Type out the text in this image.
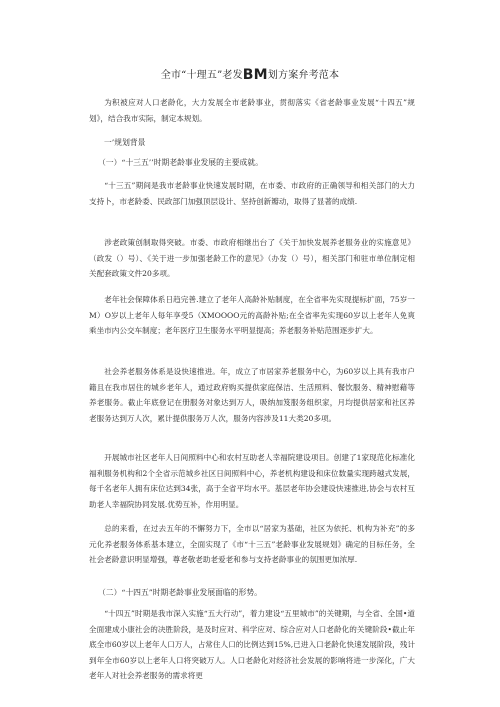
全市“十理五”老发BM划方案弁考范本

为积被应对人口老龄化，大力发展全市老龄事业，贯彻落实《省老龄事业发展“十四五”规划》，结合我市实际，制定本规划。

一’规划背景

（一）“十三五’’时期老龄事业发展的主要成就。

“十三五”期间是我市老龄事业快速发展时期，在市委、市政府的正确领导和相关部门的大力支持卜，市老龄委、民政部门加强顶层设计、坚持创新瓣动，取得了显著的成绩.

涉老政策创制取得突破。市委、市政府相继出台了《关于加快发展养老服务业的实施意见》（政发（）号）、《关于进一步加强老龄工作的意见》（办发（）号），相关部门和驻市单位制定相关配套政策文件20多项。

老年社会保障体系日趋完善.建立了老年人高龄补贴制度，在全省率先实现提标扩面，75岁一M）O岁以上老年人每年享受5（XMOOOO元的高龄补贴;在全省率先实现60岁以上老年人免爽乘坐市内公交车制度；老年医疗卫生服务水平明显提高；养老服务补贴范围逐步扩大。

社会养老服务体系是设快速推进。年，成立了市居家养老服务中心，为60岁以上具有我市户籍且在我市居住的城乡老年人，通过政府购买提供家庭保洁、生活照料、餐饮服务、精神慰藉等养老服务。截止年底登记在册服务对象达到万人，吸纳加笈服务组织家，月均提供居家和社区养老服务达到万人次，累计提供服务万人次，服务内容涉及11大类20多项。

开展城市社区老年人日间照料中心和农村互助老人幸福院建设项目。创建了1家现范化标准化福利服务机构和2个全省示范城乡社区日间照料中心，养老机构建设和床位数量实现跨越式发展，每千名老年人拥有床位达到34张，高于全省平均水平。基层老年协会建设快速推进,协会与农村互助老人幸福院协同发展.优势互补，作用明显。

总的来看，在过去五年的不懈努力下，全市以“居家为基础，社区为依托、机构为补充”的多元化养老服务体系基本建立，全面实现了《市“十三五”老龄事业发展规划》确定的目标任务，全社会老龄意识明显增强，尊老敬老助老爱老和参与支持老龄事业的氛围更加浓厚.

（二）“十四五”时期老龄事业发展面临的形势。

“十四五”时期是我市深入实施“五大行动”，着力建设“五里城市”的关键期，与全省、全国•道全面建成小康社会的决胜阶段，是及时应对、科学应对、综合应对人口老龄化的关键阶段•截止年底全市60岁以上老年人口万人，占常住人口的比例达到15%,已进入口老龄化快速发展阶段，残计到年全市60岁以上老年人口将突破万人。人口老龄化对经济社会发展的影响将进一步深化，广大老年人对社会养老服务的需求将更
